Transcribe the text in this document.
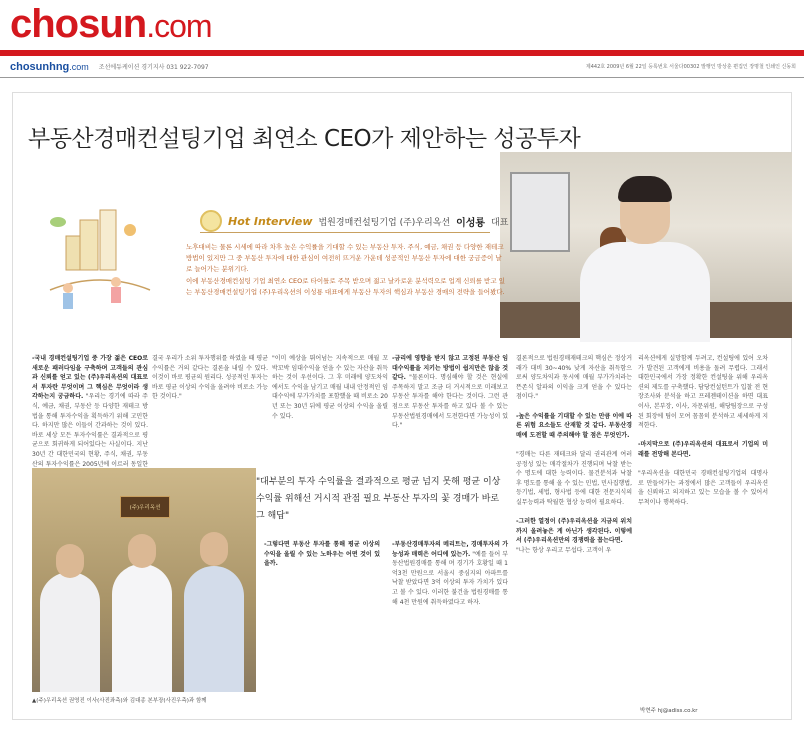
chosun.com
chosunhng.com 조선에듀케이션 경기지사 031 922-7097	제442호 2009년 6월 22일 등록번호 서울다00302 발행인 방상훈 편집인 장명철 인쇄인 신동희
부동산경매컨설팅기업 최연소 CEO가 제안하는 성공투자
Hot Interview 법원경매컨설팅기업 (주)우리옥션 이성룡 대표

노후대비는 물론 시세에 따라 차후 높은 수익률을 기대할 수 있는 부동산 투자. 주식, 예금, 채권 등 다양한 재테크 방법이 있지만 그 중 부동산 투자에 대한 관심이 여전히 뜨거운 가운데 성공적인 부동산 투자에 대한 궁금증이 날로 늘어가는 분위기다.

이에 부동산경매컨설팅 기업 최연소 CEO로 타이틀로 주목 받으며 젊고 날카로운 분석력으로 업계 신뢰를 받고 있는 부동산경매컨설팅기업 (주)우리옥션의 이성룡 대표에게 부동산 투자의 핵심과 부동산 경매의 전략을 들어봤다.

-국내 경매컨설팅기업 중 가장 젊은 CEO로 새로운 패러다임을 구축하며 고객들의 관심과 신뢰를 얻고 있는 (주)우리옥션의 대표로서 투자란 무엇이며 그 핵심은 무엇이라 생각하는지 궁금하다. "우리는 경기에 따라 주식, 예금, 채권, 부동산 등 다양한 재테크 방법을 통해 투자수익을 획득하기 위해 고민한다. 하지만 많은 이들이 간과하는 것이 있다. 바로 세상 모든 투자수익률은 결과적으로 평균으로 회귀하게 되어있다는 사실이다. 지난 30년 간 대한민국의 현황, 주식, 채권, 부동산의 투자수익률은 2005년에 이르러 동일한
결국 우리가 소위 투자행위를 하였을 때 평균수익률은 거의 같다는 결론을 내릴 수 있다. 이것이 바로 평균의 원리다. 성공적인 투자는 바로 평균 이상의 수익을 올려야 비로소 가능한 것이다."
"이미 예상을 뛰어넘는 지속적으로 매월 꼬박꼬박 임대수익을 얻을 수 있는 자산을 취득하는 것이 우선이다. 그 후 미래에 양도차익에서도 수익을 남기고 매월 내내 안정적인 임대수익에 부가가치를 포함했을 때 비로소 20년 또는 30년 뒤에 평균 이상의 수익을 올릴 수 있다.
-금리에 영향을 받지 않고 고정된 부동산 임대수익률을 지키는 방법이 쉽지만은 않을 것 같다. "물론이다. 명심해야 할 것은 현실에 주목하지 말고 조금 더 거시적으로 미래보고 부동산 투자를 해야 한다는 것이다. 그런 관점으로 부동산 투자를 하고 있다 볼 수 있는 부동산법원경매에서 도전한다면 가능성이 있다."
(주)우리옥션
"대부분의 투자 수익률을 결과적으로 평균 넘지 못해 평균 이상 수익률 위해선 거시적 관점 필요 부동산 투자의 꽃 경매가 바로 그 해답"
-그렇다면 부동산 투자를 통해 평균 이상의 수익을 올릴 수 있는 노하우는 어떤 것이 있을까.
-부동산경매투자의 메리트는, 경매투자의 가능성과 매력은 어디에 있는가. "예를 들어 부동산법원경매를 통해 며 경기가 호황일 때 1억3천 만원으로 서울시 중심지의 아파트를 낙찰 받았다면 3억 이상의 투자 가치가 있다고 볼 수 있다. 이러한 불건을 법원경매를 통해 4천 만원에 취득하였다고 하자.
결론적으로 법원경매재테크의 핵심은 정상거래가 대비 30~40% 낮게 자산을 취득함으로써 양도차익과 동시에 매월 부가가치라는 뜬존식 알파의 이익을 크게 얻을 수 있다는 점이다."

-높은 수익률을 기대할 수 있는 만큼 이에 따른 위험 요소들도 산재할 것 같다. 부동산경매에 도전할 때 주의해야 할 점은 무엇인가.

"경매는 다른 재테크와 달리 권리관계 여러 공정성 있는 매각절차가 진행되며 낙찰 받는 수 명도에 대한 능력이다. 물건분석과 낙찰 후 명도를 통해 올 수 있는 민법, 민사집행법, 등기법, 세법, 형사법 등에 대한 전문지식의 실무능력과 탁월한 협상 능력이 필요하다.

-그러한 열정이 (주)우리옥션을 지금의 위치까지 올려놓은 게 아닌가 생각된다. 이렇에서 (주)우리옥션만의 경쟁력을 꼽는다면.
"나는 항상 우리고 무섭다. 고객이 우
리옥션에게 실망함께 두려고, 컨설팅에 있어 오차가 발견된 고객에게 비용을 돌려 무렵다. 그래서 대한민국에서 가장 정확한 컨설팅을 위해 우리옥션의 제도를 구축했다. 담당컨설턴트가 입찰 전 현장조사와 분석을 하고 프레젠테이션을 하면 대표이사, 본부장, 이사, 자문위원, 해당팀장으로 구성된 회장에 팀이 모여 꼼꼼히 분석하고 세세하게 지적한다.

-마지막으로 (주)우리옥션의 대표로서 기업의 미래를 전망해 본다면.

"우리옥션을 대한민국 경매컨설팅기업의 대명사로 만들어가는 과정에서 많은 고객들이 우리옥션을 신뢰하고 의지하고 있는 모습을 볼 수 있어서 무척이나 행복하다.
▲(주)우리옥션 권영진 이사(사진좌측)와 김대종 본부장(사진우측)과 함께
박현주 hj@adiss.co.kr
